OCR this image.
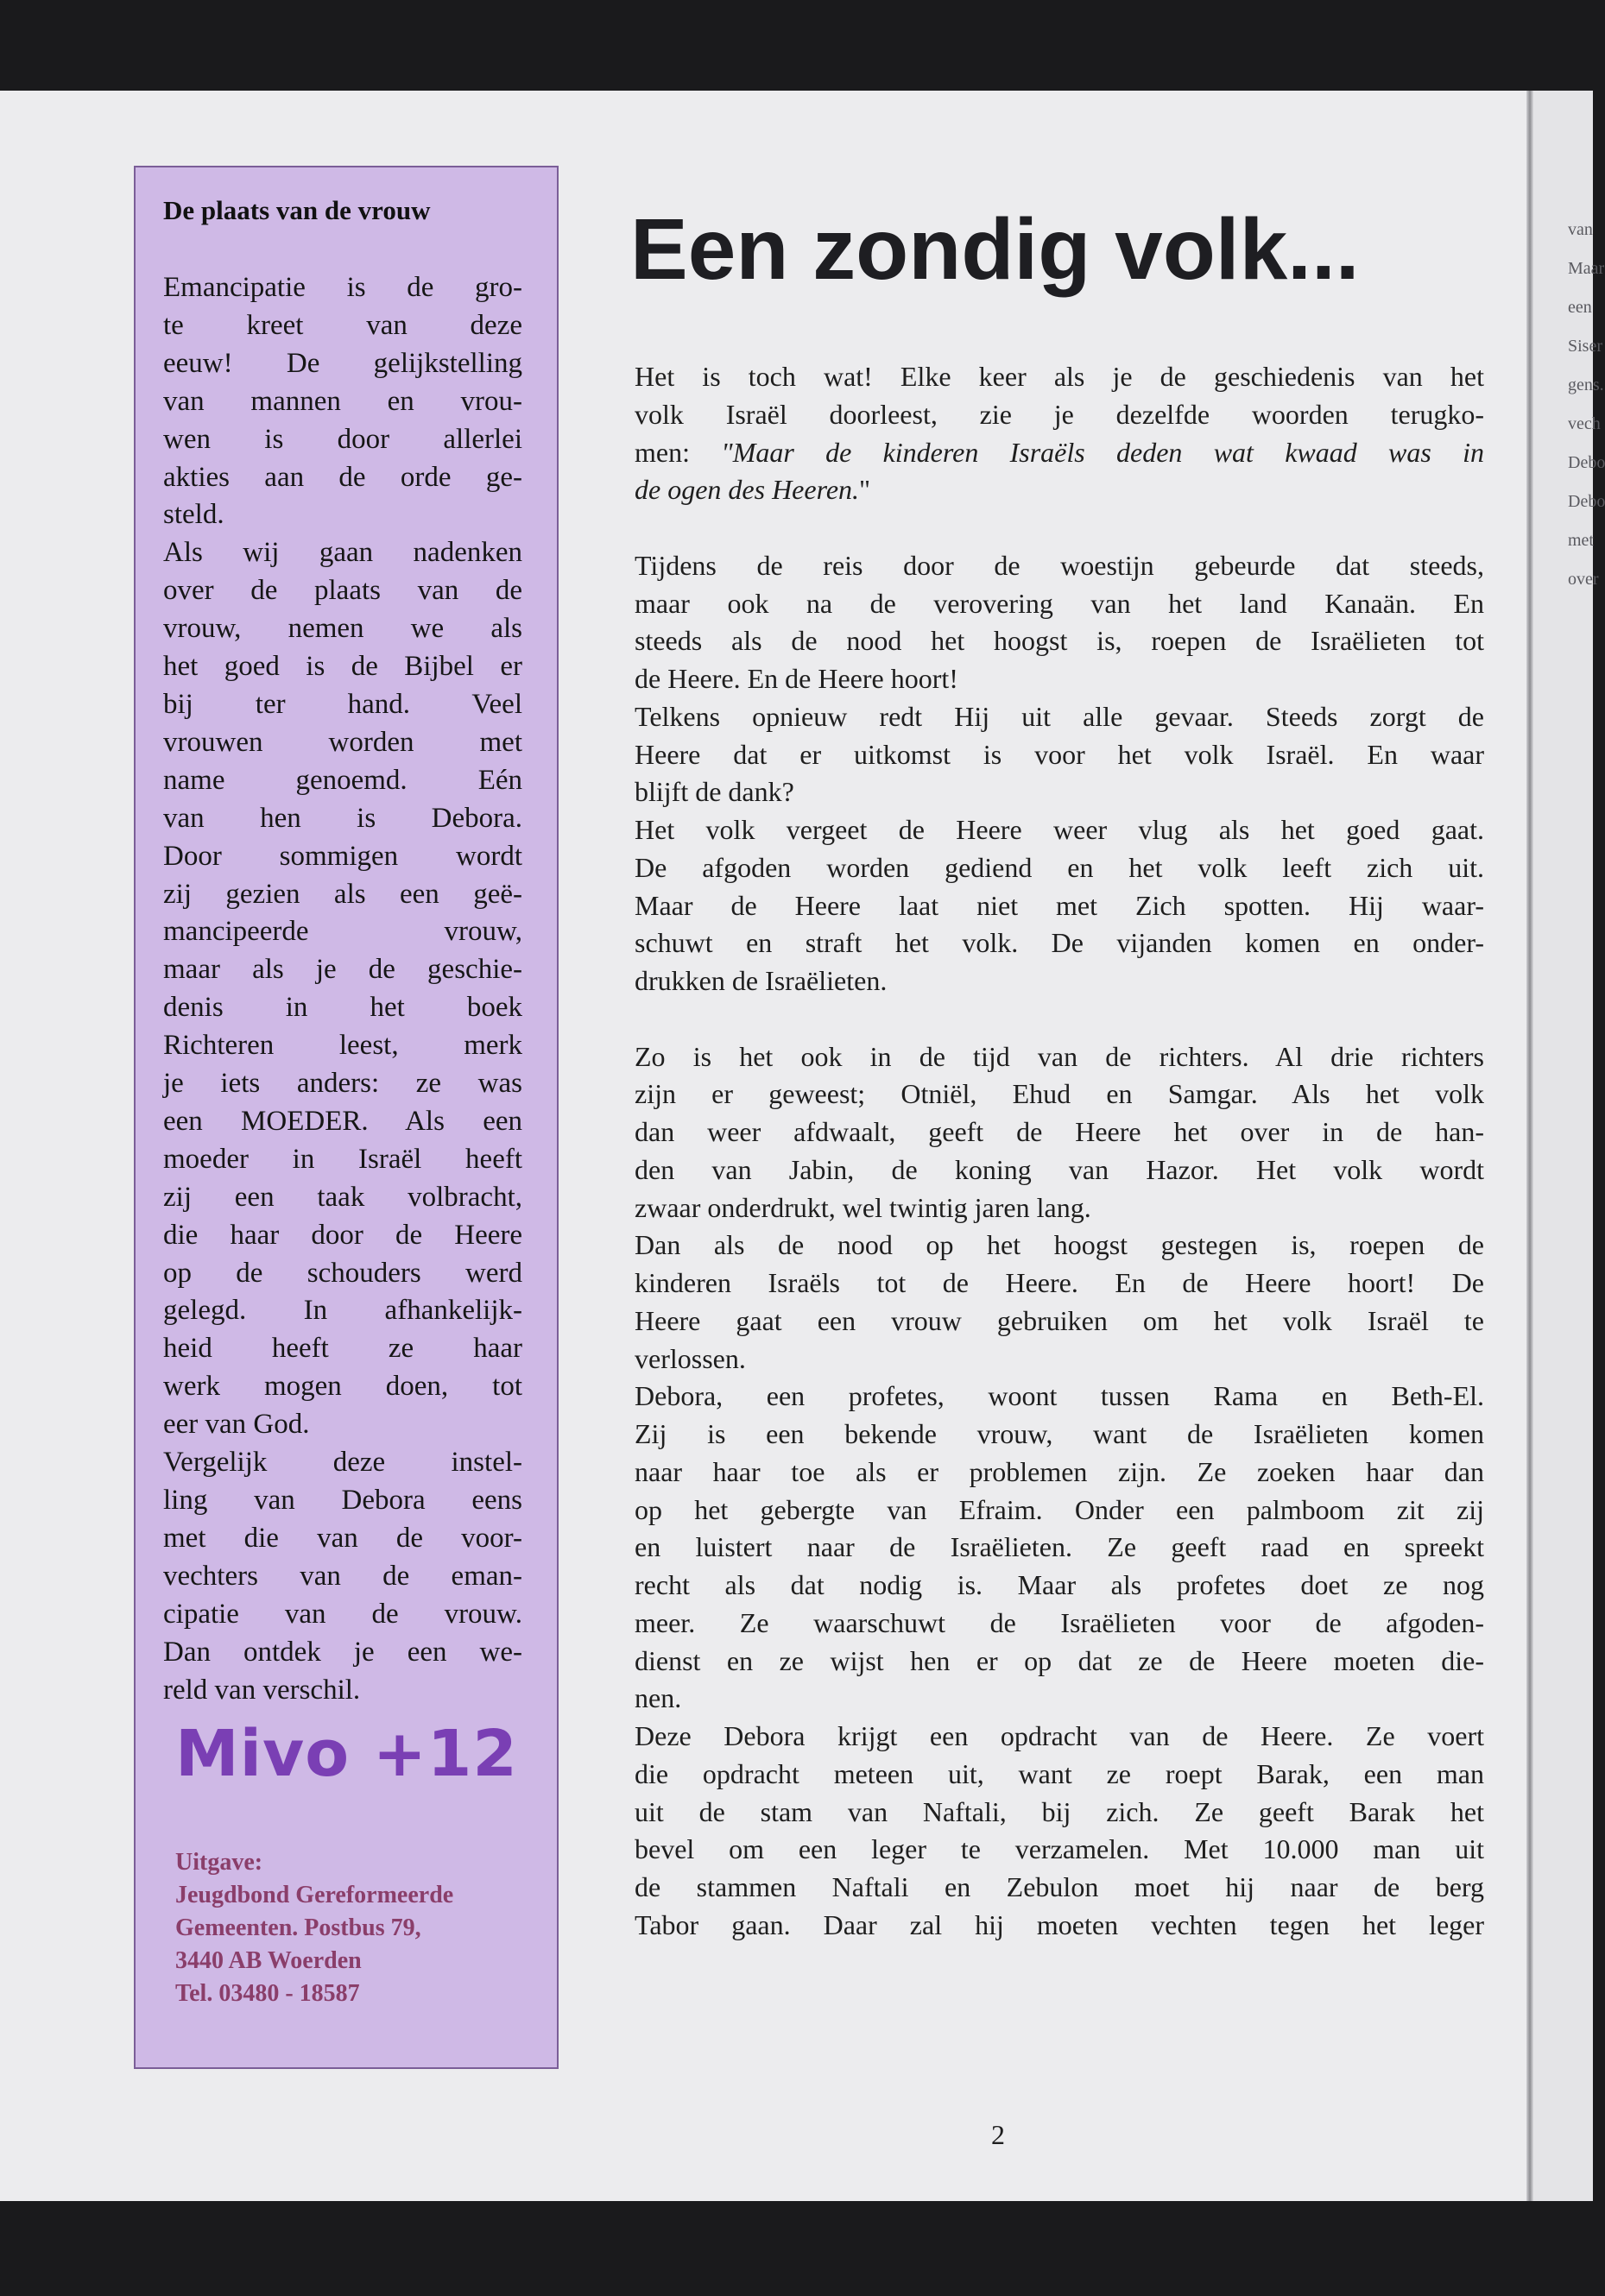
van
Maar
een
Siser
gens.
vech
Debo
Debo
met
over
De plaats van de vrouw
Emancipatie is de gro-
te kreet van deze
eeuw! De gelijkstelling
van mannen en vrou-
wen is door allerlei
akties aan de orde ge-
steld.
Als wij gaan nadenken
over de plaats van de
vrouw, nemen we als
het goed is de Bijbel er
bij ter hand. Veel
vrouwen worden met
name genoemd. Eén
van hen is Debora.
Door sommigen wordt
zij gezien als een geë-
mancipeerde vrouw,
maar als je de geschie-
denis in het boek
Richteren leest, merk
je iets anders: ze was
een MOEDER. Als een
moeder in Israël heeft
zij een taak volbracht,
die haar door de Heere
op de schouders werd
gelegd. In afhankelijk-
heid heeft ze haar
werk mogen doen, tot
eer van God.
Vergelijk deze instel-
ling van Debora eens
met die van de voor-
vechters van de eman-
cipatie van de vrouw.
Dan ontdek je een we-
reld van verschil.
Mivo +12
Uitgave:
Jeugdbond Gereformeerde
Gemeenten. Postbus 79,
3440 AB Woerden
Tel. 03480 - 18587
Een zondig volk...
Het is toch wat! Elke keer als je de geschiedenis van het
volk Israël doorleest, zie je dezelfde woorden terugko-
men: "Maar de kinderen Israëls deden wat kwaad was in
de ogen des Heeren."
Tijdens de reis door de woestijn gebeurde dat steeds,
maar ook na de verovering van het land Kanaän. En
steeds als de nood het hoogst is, roepen de Israëlieten tot
de Heere. En de Heere hoort!
Telkens opnieuw redt Hij uit alle gevaar. Steeds zorgt de
Heere dat er uitkomst is voor het volk Israël. En waar
blijft de dank?
Het volk vergeet de Heere weer vlug als het goed gaat.
De afgoden worden gediend en het volk leeft zich uit.
Maar de Heere laat niet met Zich spotten. Hij waar-
schuwt en straft het volk. De vijanden komen en onder-
drukken de Israëlieten.
Zo is het ook in de tijd van de richters. Al drie richters
zijn er geweest; Otniël, Ehud en Samgar. Als het volk
dan weer afdwaalt, geeft de Heere het over in de han-
den van Jabin, de koning van Hazor. Het volk wordt
zwaar onderdrukt, wel twintig jaren lang.
Dan als de nood op het hoogst gestegen is, roepen de
kinderen Israëls tot de Heere. En de Heere hoort! De
Heere gaat een vrouw gebruiken om het volk Israël te
verlossen.
Debora, een profetes, woont tussen Rama en Beth-El.
Zij is een bekende vrouw, want de Israëlieten komen
naar haar toe als er problemen zijn. Ze zoeken haar dan
op het gebergte van Efraim. Onder een palmboom zit zij
en luistert naar de Israëlieten. Ze geeft raad en spreekt
recht als dat nodig is. Maar als profetes doet ze nog
meer. Ze waarschuwt de Israëlieten voor de afgoden-
dienst en ze wijst hen er op dat ze de Heere moeten die-
nen.
Deze Debora krijgt een opdracht van de Heere. Ze voert
die opdracht meteen uit, want ze roept Barak, een man
uit de stam van Naftali, bij zich. Ze geeft Barak het
bevel om een leger te verzamelen. Met 10.000 man uit
de stammen Naftali en Zebulon moet hij naar de berg
Tabor gaan. Daar zal hij moeten vechten tegen het leger
2
